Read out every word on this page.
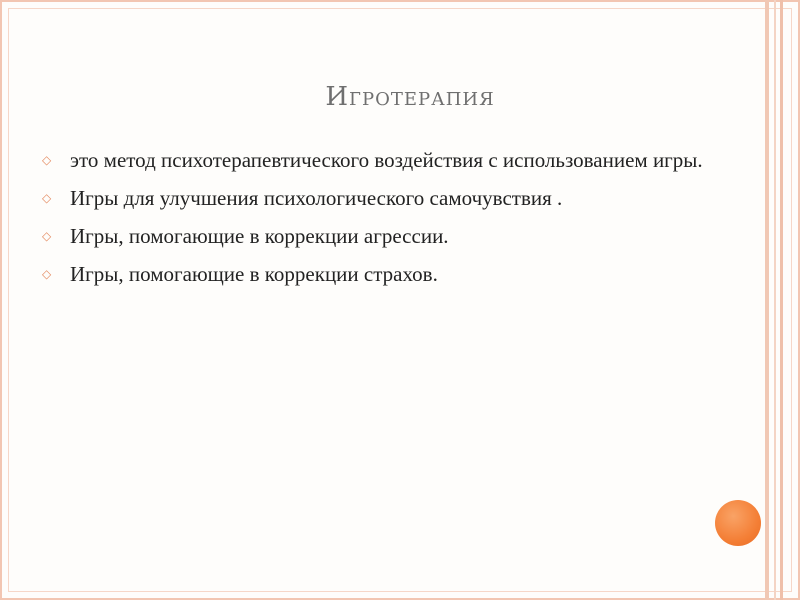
Игротерапия
◇ это метод психотерапевтического воздействия с использованием игры.
◇ Игры для улучшения психологического самочувствия .
◇ Игры, помогающие в коррекции агрессии.
◇ Игры, помогающие в коррекции страхов.
